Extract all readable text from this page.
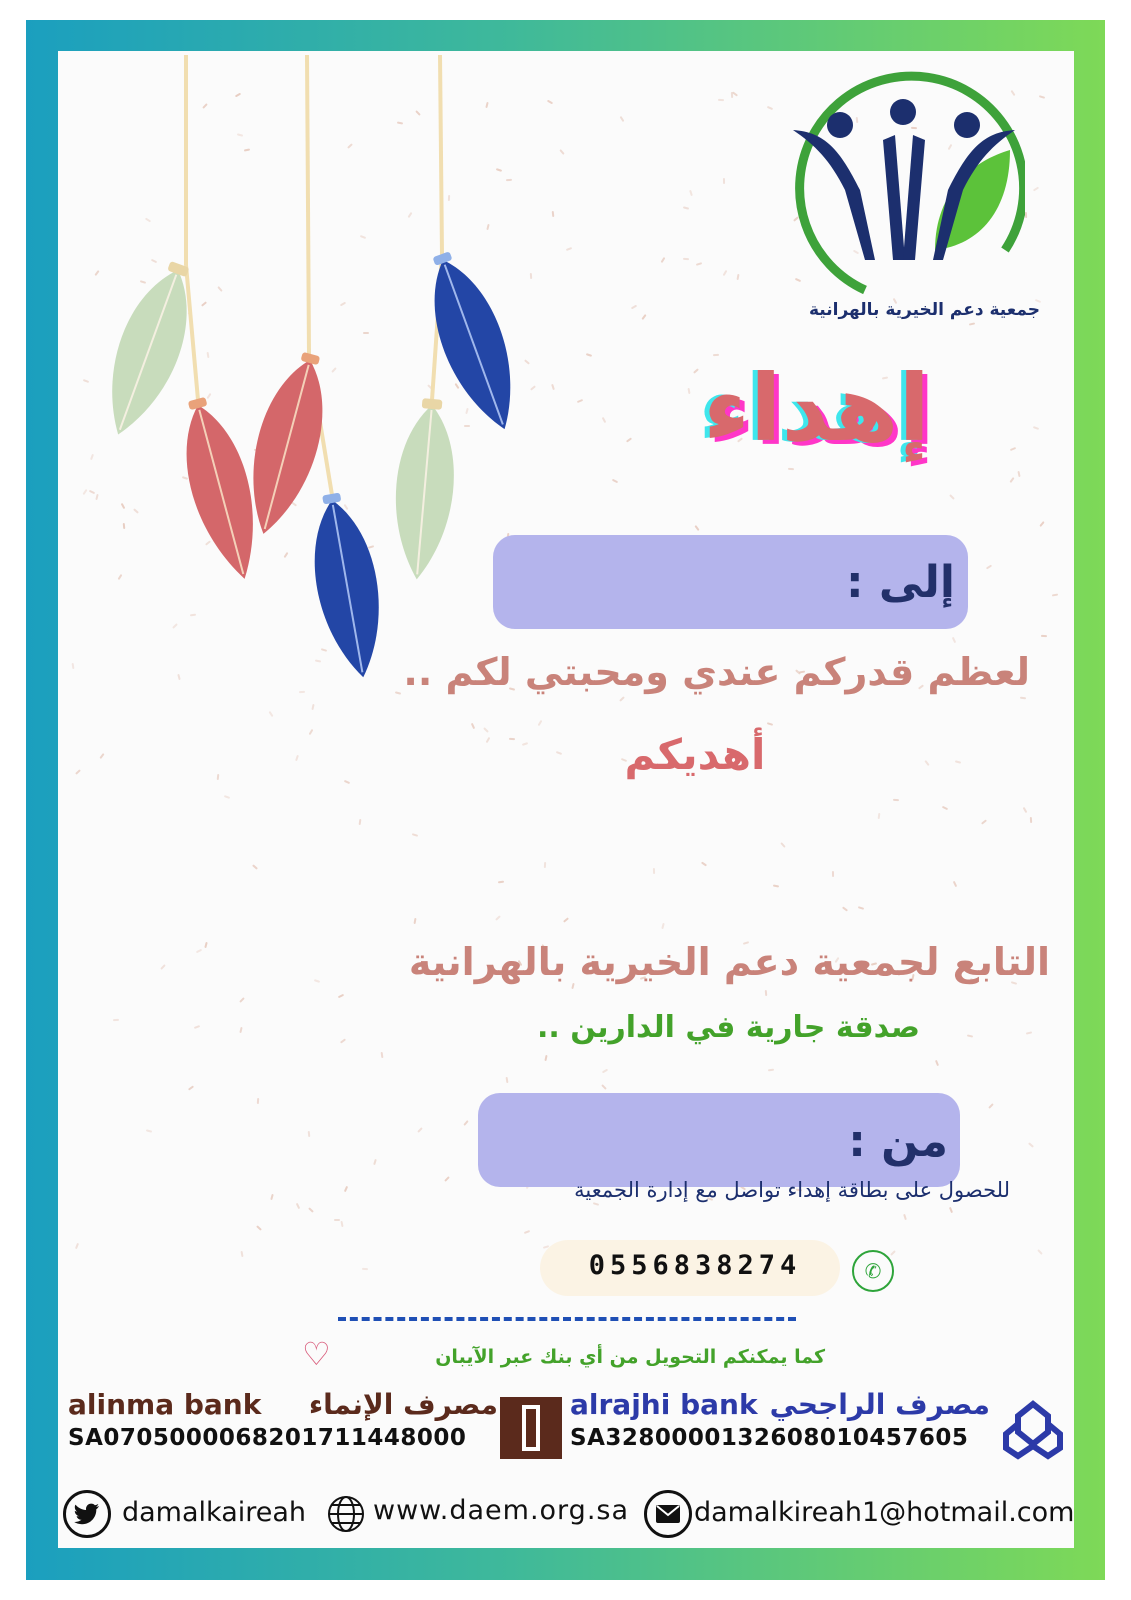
جمعية دعم الخيرية بالهرانية
إهداء
إلى :
لعظم قدركم عندي ومحبتي لكم ..
أهديكم
التابع لجمعية دعم الخيرية بالهرانية
صدقة جارية في الدارين ..
من :
للحصول على بطاقة إهداء تواصل مع إدارة الجمعية
0556838274	✆
كما يمكنكم التحويل من أي بنك عبر الآيبان
♡
alinma bank مصرف الإنماء
SA0705000068201711448000
alrajhi bank مصرف الراجحي
SA3280000132608010457605
damalkaireah www.daem.org.sa damalkireah1@hotmail.com
